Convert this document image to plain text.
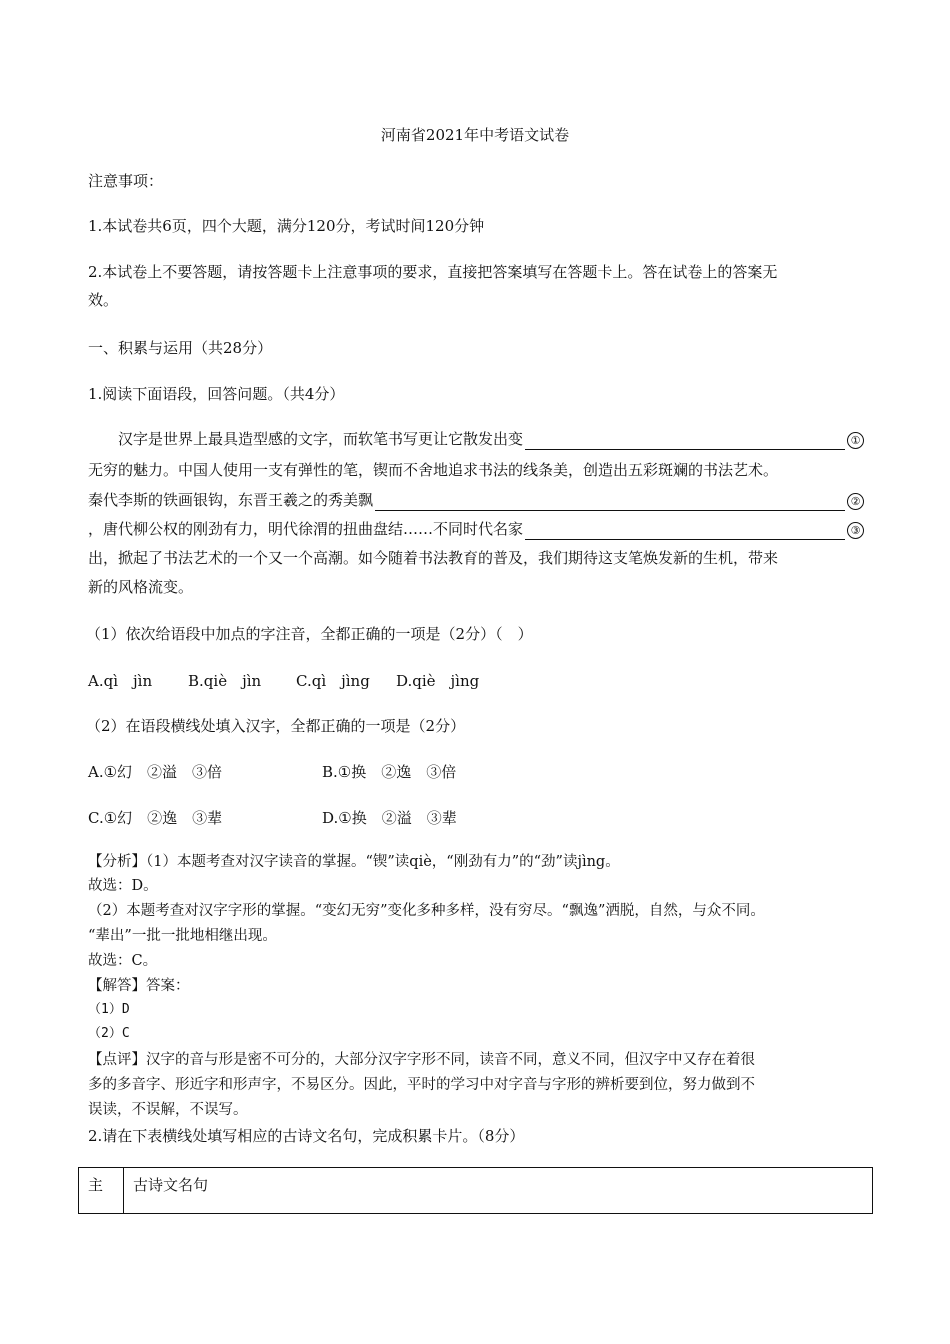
河南省2021年中考语文试卷
注意事项：
1.本试卷共6页，四个大题，满分120分，考试时间120分钟
2.本试卷上不要答题，请按答题卡上注意事项的要求，直接把答案填写在答题卡上。答在试卷上的答案无
效。
一、积累与运用（共28分）
1.阅读下面语段，回答问题。（共4分）
汉字是世界上最具造型感的文字，而软笔书写更让它散发出变	①
无穷的魅力。中国人使用一支有弹性的笔，锲而不舍地追求书法的线条美，创造出五彩斑斓的书法艺术。
秦代李斯的铁画银钩，东晋王羲之的秀美飘	②
，唐代柳公权的刚劲有力，明代徐渭的扭曲盘结……不同时代名家	③
出，掀起了书法艺术的一个又一个高潮。如今随着书法教育的普及，我们期待这支笔焕发新的生机，带来
新的风格流变。
（1）依次给语段中加点的字注音，全都正确的一项是（2分）（　）
A.qì　jìn B.qiè　jìn C.qì　jìng D.qiè　jìng
（2）在语段横线处填入汉字，全都正确的一项是（2分）
A.①幻　②溢　③倍	B.①换　②逸　③倍
C.①幻　②逸　③辈	D.①换　②溢　③辈
【分析】（1）本题考查对汉字读音的掌握。“锲”读qiè，“刚劲有力”的“劲”读jìng。
故选：D。
（2）本题考查对汉字字形的掌握。“变幻无穷”变化多种多样，没有穷尽。“飘逸”洒脱，自然，与众不同。
“辈出”一批一批地相继出现。
故选：C。
【解答】答案：
（1）D
（2）C
【点评】汉字的音与形是密不可分的，大部分汉字字形不同，读音不同，意义不同，但汉字中又存在着很
多的多音字、形近字和形声字，不易区分。因此，平时的学习中对字音与字形的辨析要到位，努力做到不
误读，不误解，不误写。
2.请在下表横线处填写相应的古诗文名句，完成积累卡片。（8分）
主	古诗文名句
